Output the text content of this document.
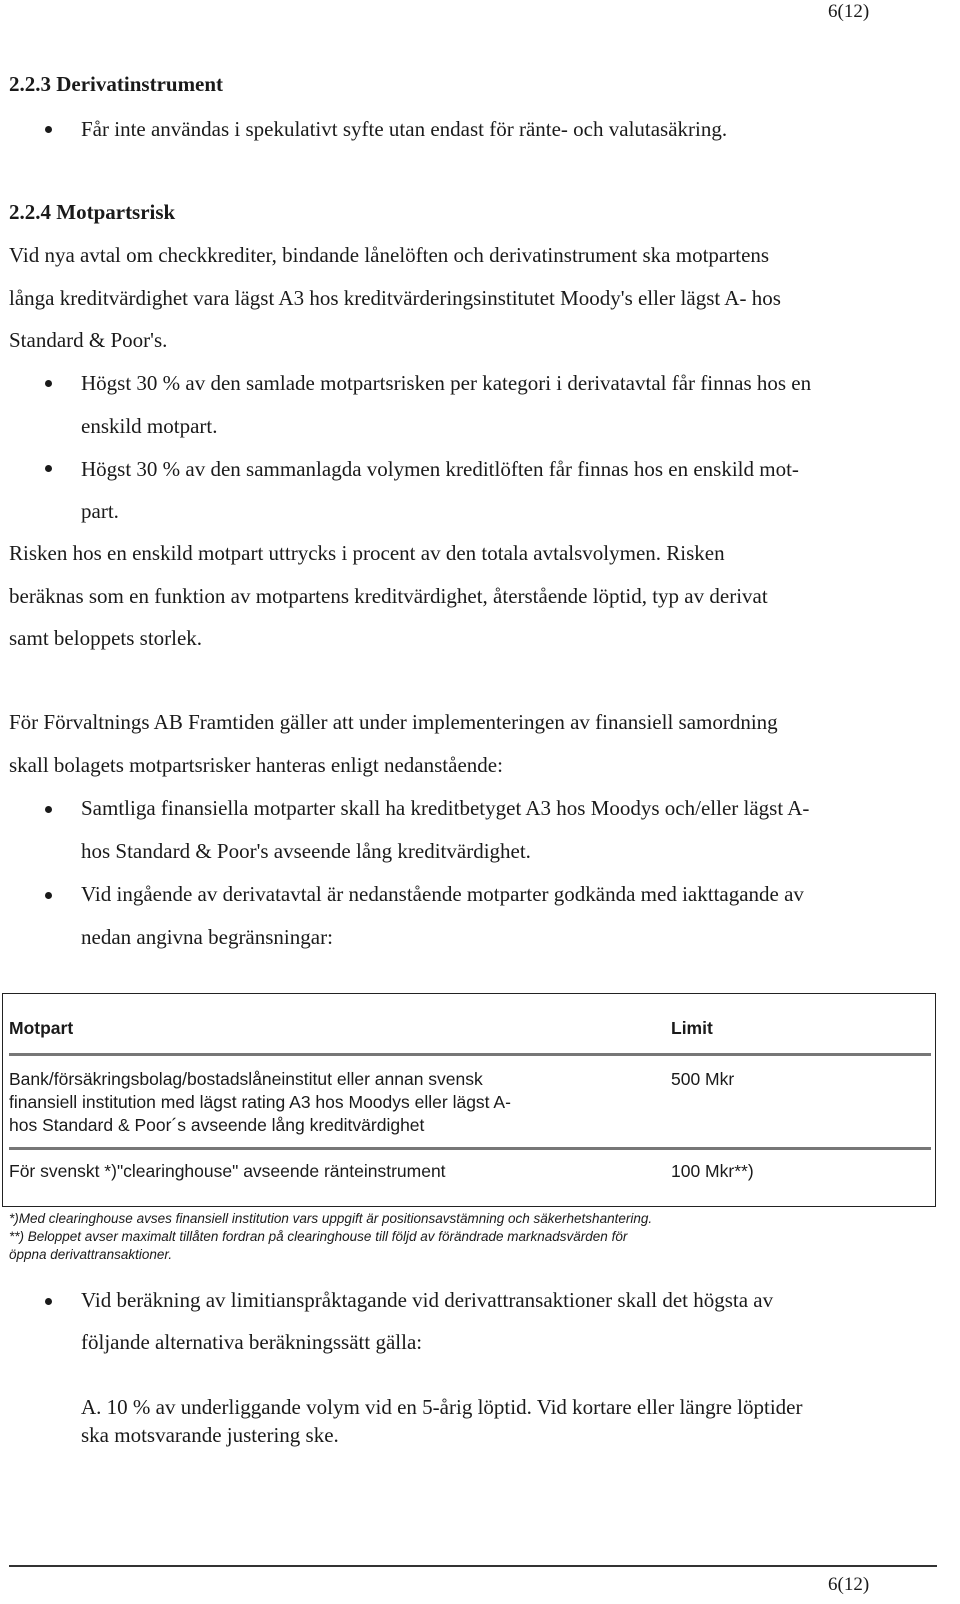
6(12)
2.2.3 Derivatinstrument
Får inte användas i spekulativt syfte utan endast för ränte- och valutasäkring.
2.2.4 Motpartsrisk
Vid nya avtal om checkkrediter, bindande lånelöften och derivatinstrument ska motpartens
långa kreditvärdighet vara lägst A3 hos kreditvärderingsinstitutet Moody's eller lägst A- hos
Standard & Poor's.
Högst 30 % av den samlade motpartsrisken per kategori i derivatavtal får finnas hos en
enskild motpart.
Högst 30 % av den sammanlagda volymen kreditlöften får finnas hos en enskild mot-
part.
Risken hos en enskild motpart uttrycks i procent av den totala avtalsvolymen. Risken
beräknas som en funktion av motpartens kreditvärdighet, återstående löptid, typ av derivat
samt beloppets storlek.
För Förvaltnings AB Framtiden gäller att under implementeringen av finansiell samordning
skall bolagets motpartsrisker hanteras enligt nedanstående:
Samtliga finansiella motparter skall ha kreditbetyget A3 hos Moodys och/eller lägst A-
hos Standard & Poor's avseende lång kreditvärdighet.
Vid ingående av derivatavtal är nedanstående motparter godkända med iakttagande av
nedan angivna begränsningar:
Motpart	Limit
Bank/försäkringsbolag/bostadslåneinstitut eller annan svensk
finansiell institution med lägst rating A3 hos Moodys eller lägst A-
hos Standard & Poor´s avseende lång kreditvärdighet
500 Mkr
För svenskt *)"clearinghouse" avseende ränteinstrument	100 Mkr**)
*)Med clearinghouse avses finansiell institution vars uppgift är positionsavstämning och säkerhetshantering.
**) Beloppet avser maximalt tillåten fordran på clearinghouse till följd av förändrade marknadsvärden för
öppna derivattransaktioner.
Vid beräkning av limitianspråktagande vid derivattransaktioner skall det högsta av
följande alternativa beräkningssätt gälla:
A. 10 % av underliggande volym vid en 5-årig löptid. Vid kortare eller längre löptider
ska motsvarande justering ske.
6(12)
